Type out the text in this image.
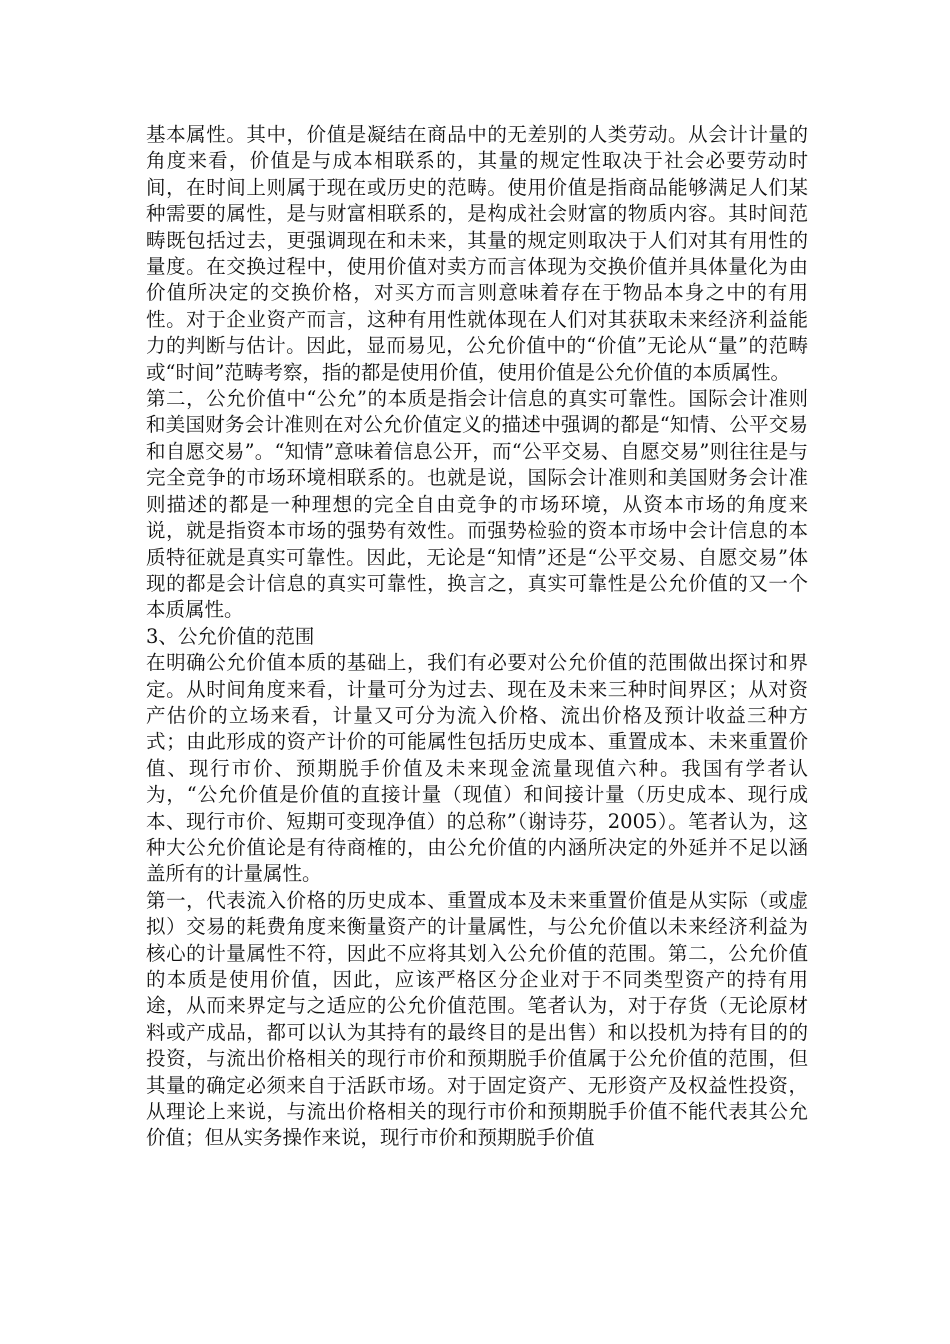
基本属性。其中，价值是凝结在商品中的无差别的人类劳动。从会计计量的角度来看，价值是与成本相联系的，其量的规定性取决于社会必要劳动时间，在时间上则属于现在或历史的范畴。使用价值是指商品能够满足人们某种需要的属性，是与财富相联系的，是构成社会财富的物质内容。其时间范畴既包括过去，更强调现在和未来，其量的规定则取决于人们对其有用性的量度。在交换过程中，使用价值对卖方而言体现为交换价值并具体量化为由价值所决定的交换价格，对买方而言则意味着存在于物品本身之中的有用性。对于企业资产而言，这种有用性就体现在人们对其获取未来经济利益能力的判断与估计。因此，显而易见，公允价值中的“价值”无论从“量”的范畴或“时间”范畴考察，指的都是使用价值，使用价值是公允价值的本质属性。

第二，公允价值中“公允”的本质是指会计信息的真实可靠性。国际会计准则和美国财务会计准则在对公允价值定义的描述中强调的都是“知情、公平交易和自愿交易”。“知情”意味着信息公开，而“公平交易、自愿交易”则往往是与完全竞争的市场环境相联系的。也就是说，国际会计准则和美国财务会计准则描述的都是一种理想的完全自由竞争的市场环境，从资本市场的角度来说，就是指资本市场的强势有效性。而强势检验的资本市场中会计信息的本质特征就是真实可靠性。因此，无论是“知情”还是“公平交易、自愿交易”体现的都是会计信息的真实可靠性，换言之，真实可靠性是公允价值的又一个本质属性。

3、公允价值的范围

在明确公允价值本质的基础上，我们有必要对公允价值的范围做出探讨和界定。从时间角度来看，计量可分为过去、现在及未来三种时间界区；从对资产估价的立场来看，计量又可分为流入价格、流出价格及预计收益三种方式；由此形成的资产计价的可能属性包括历史成本、重置成本、未来重置价值、现行市价、预期脱手价值及未来现金流量现值六种。我国有学者认为，“公允价值是价值的直接计量（现值）和间接计量（历史成本、现行成本、现行市价、短期可变现净值）的总称”（谢诗芬，2005）。笔者认为，这种大公允价值论是有待商榷的，由公允价值的内涵所决定的外延并不足以涵盖所有的计量属性。

第一，代表流入价格的历史成本、重置成本及未来重置价值是从实际（或虚拟）交易的耗费角度来衡量资产的计量属性，与公允价值以未来经济利益为核心的计量属性不符，因此不应将其划入公允价值的范围。第二，公允价值的本质是使用价值，因此，应该严格区分企业对于不同类型资产的持有用途，从而来界定与之适应的公允价值范围。笔者认为，对于存货（无论原材料或产成品，都可以认为其持有的最终目的是出售）和以投机为持有目的的投资，与流出价格相关的现行市价和预期脱手价值属于公允价值的范围，但其量的确定必须来自于活跃市场。对于固定资产、无形资产及权益性投资，从理论上来说，与流出价格相关的现行市价和预期脱手价值不能代表其公允价值；但从实务操作来说，现行市价和预期脱手价值
